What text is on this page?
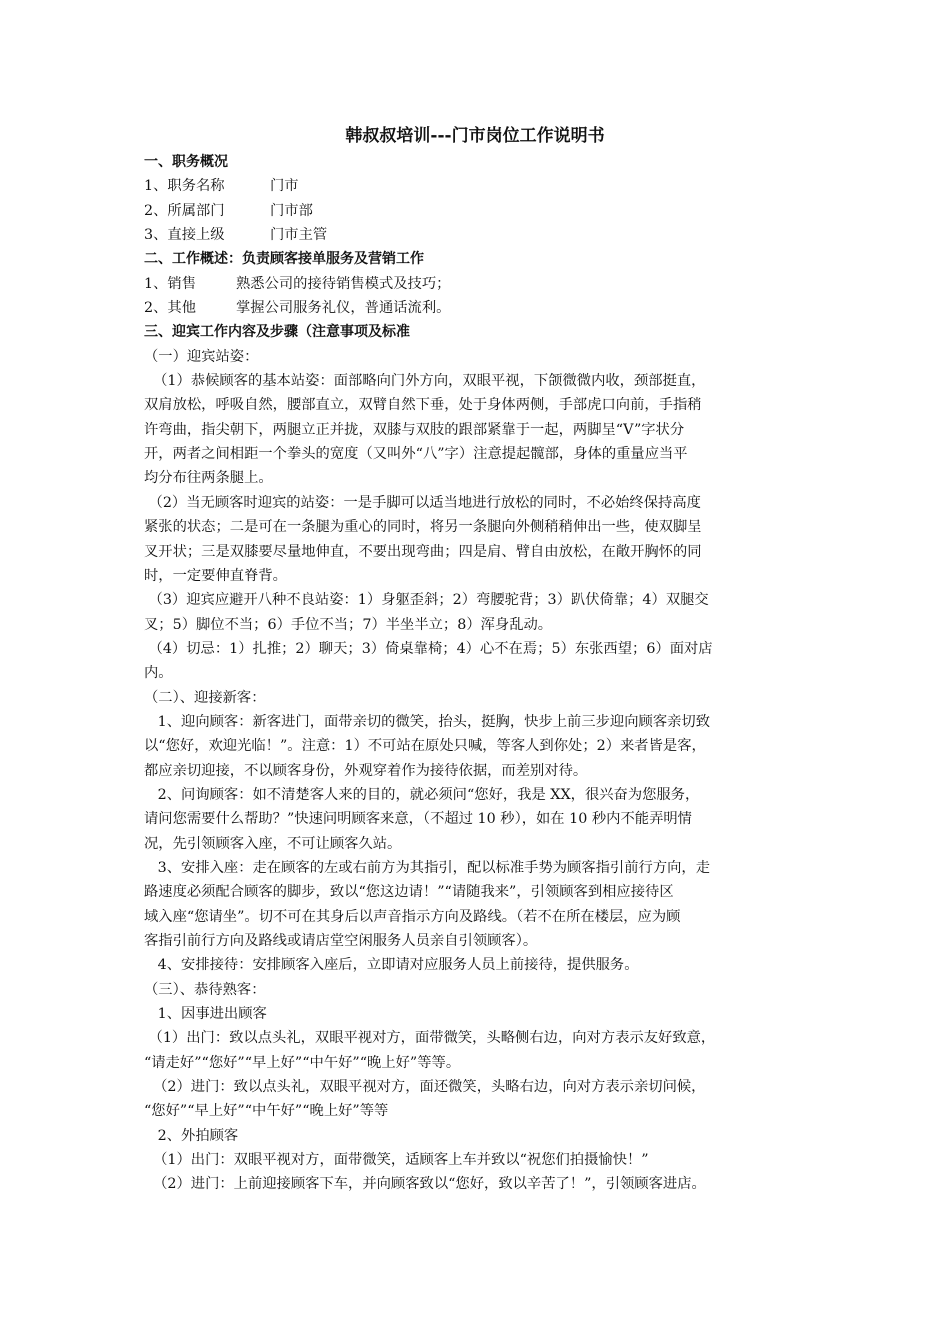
韩叔叔培训---门市岗位工作说明书
一、职务概况
1、职务名称	门市
2、所属部门	门市部
3、直接上级	门市主管
二、工作概述：负责顾客接单服务及营销工作
1、销售	熟悉公司的接待销售模式及技巧；
2、其他	掌握公司服务礼仪，普通话流利。
三、迎宾工作内容及步骤（注意事项及标准
（一）迎宾站姿：
（1）恭候顾客的基本站姿：面部略向门外方向，双眼平视，下颌微微内收，颈部挺直，
双肩放松，呼吸自然，腰部直立，双臂自然下垂，处于身体两侧，手部虎口向前，手指稍
许弯曲，指尖朝下，两腿立正并拢，双膝与双肢的跟部紧靠于一起，两脚呈“V”字状分
开，两者之间相距一个拳头的宽度（又叫外“八”字）注意提起髋部，身体的重量应当平
均分布往两条腿上。
（2）当无顾客时迎宾的站姿：一是手脚可以适当地进行放松的同时，不必始终保持高度
紧张的状态；二是可在一条腿为重心的同时，将另一条腿向外侧稍稍伸出一些，使双脚呈
叉开状；三是双膝要尽量地伸直，不要出现弯曲；四是肩、臂自由放松，在敞开胸怀的同
时，一定要伸直脊背。
（3）迎宾应避开八种不良站姿：1）身躯歪斜；2）弯腰驼背；3）趴伏倚靠；4）双腿交
叉；5）脚位不当；6）手位不当；7）半坐半立；8）浑身乱动。
（4）切忌：1）扎推；2）聊天；3）倚桌靠椅；4）心不在焉；5）东张西望；6）面对店
内。
（二）、迎接新客：
1、迎向顾客：新客进门，面带亲切的微笑，抬头，挺胸，快步上前三步迎向顾客亲切致
以“您好，欢迎光临！”。注意：1）不可站在原处只喊，等客人到你处；2）来者皆是客，
都应亲切迎接，不以顾客身份，外观穿着作为接待依据，而差别对待。
2、问询顾客：如不清楚客人来的目的，就必须问“您好，我是 XX，很兴奋为您服务，
请问您需要什么帮助？”快速问明顾客来意，（不超过 10 秒），如在 10 秒内不能弄明情
况，先引领顾客入座，不可让顾客久站。
3、安排入座：走在顾客的左或右前方为其指引，配以标准手势为顾客指引前行方向，走
路速度必须配合顾客的脚步，致以“您这边请！”“请随我来”，引领顾客到相应接待区
域入座“您请坐”。切不可在其身后以声音指示方向及路线。（若不在所在楼层，应为顾
客指引前行方向及路线或请店堂空闲服务人员亲自引领顾客）。
4、安排接待：安排顾客入座后，立即请对应服务人员上前接待，提供服务。
（三）、恭待熟客：
1、因事进出顾客
（1）出门：致以点头礼，双眼平视对方，面带微笑，头略侧右边，向对方表示友好致意，
“请走好”“您好”“早上好”“中午好”“晚上好”等等。
（2）进门：致以点头礼，双眼平视对方，面还微笑，头略右边，向对方表示亲切问候，
“您好”“早上好”“中午好”“晚上好”等等
2、外拍顾客
（1）出门：双眼平视对方，面带微笑，适顾客上车并致以“祝您们拍摄愉快！”
（2）进门：上前迎接顾客下车，并向顾客致以“您好，致以辛苦了！”，引领顾客进店。
